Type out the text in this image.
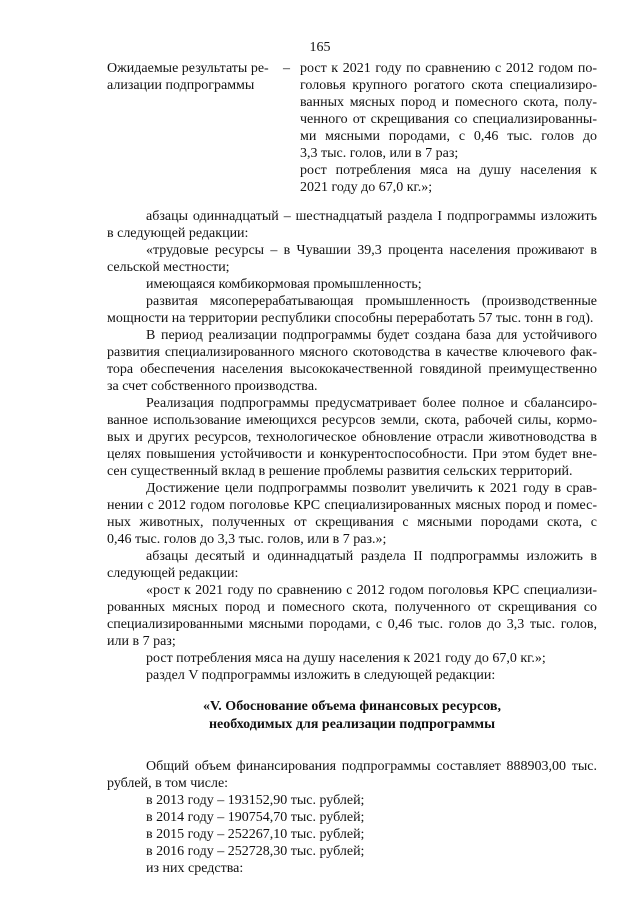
165
Ожидаемые результаты ре-
ализации подпрограммы
– рост к 2021 году по сравнению с 2012 годом по-
головья крупного рогатого скота специализиро-
ванных мясных пород и помесного скота, полу-
ченного от скрещивания со специализированны-
ми мясными породами, с 0,46 тыс. голов до
3,3 тыс. голов, или в 7 раз;
рост потребления мяса на душу населения к
2021 году до 67,0 кг.»;
абзацы одиннадцатый – шестнадцатый раздела I подпрограммы изложить
в следующей редакции:
«трудовые ресурсы – в Чувашии 39,3 процента населения проживают в
сельской местности;
имеющаяся комбикормовая промышленность;
развитая мясоперерабатывающая промышленность (производственные
мощности на территории республики способны переработать 57 тыс. тонн в год).
В период реализации подпрограммы будет создана база для устойчивого
развития специализированного мясного скотоводства в качестве ключевого фак-
тора обеспечения населения высококачественной говядиной преимущественно
за счет собственного производства.
Реализация подпрограммы предусматривает более полное и сбалансиро-
ванное использование имеющихся ресурсов земли, скота, рабочей силы, кормо-
вых и других ресурсов, технологическое обновление отрасли животноводства в
целях повышения устойчивости и конкурентоспособности. При этом будет вне-
сен существенный вклад в решение проблемы развития сельских территорий.
Достижение цели подпрограммы позволит увеличить к 2021 году в срав-
нении с 2012 годом поголовье КРС специализированных мясных пород и помес-
ных животных, полученных от скрещивания с мясными породами скота, с
0,46 тыс. голов до 3,3 тыс. голов, или в 7 раз.»;
абзацы десятый и одиннадцатый раздела II подпрограммы изложить в
следующей редакции:
«рост к 2021 году по сравнению с 2012 годом поголовья КРС специализи-
рованных мясных пород и помесного скота, полученного от скрещивания со
специализированными мясными породами, с 0,46 тыс. голов до 3,3 тыс. голов,
или в 7 раз;
рост потребления мяса на душу населения к 2021 году до 67,0 кг.»;
раздел V подпрограммы изложить в следующей редакции:
«V. Обоснование объема финансовых ресурсов,
необходимых для реализации подпрограммы
Общий объем финансирования подпрограммы составляет 888903,00 тыс.
рублей, в том числе:
в 2013 году – 193152,90 тыс. рублей;
в 2014 году – 190754,70 тыс. рублей;
в 2015 году – 252267,10 тыс. рублей;
в 2016 году – 252728,30 тыс. рублей;
из них средства:
